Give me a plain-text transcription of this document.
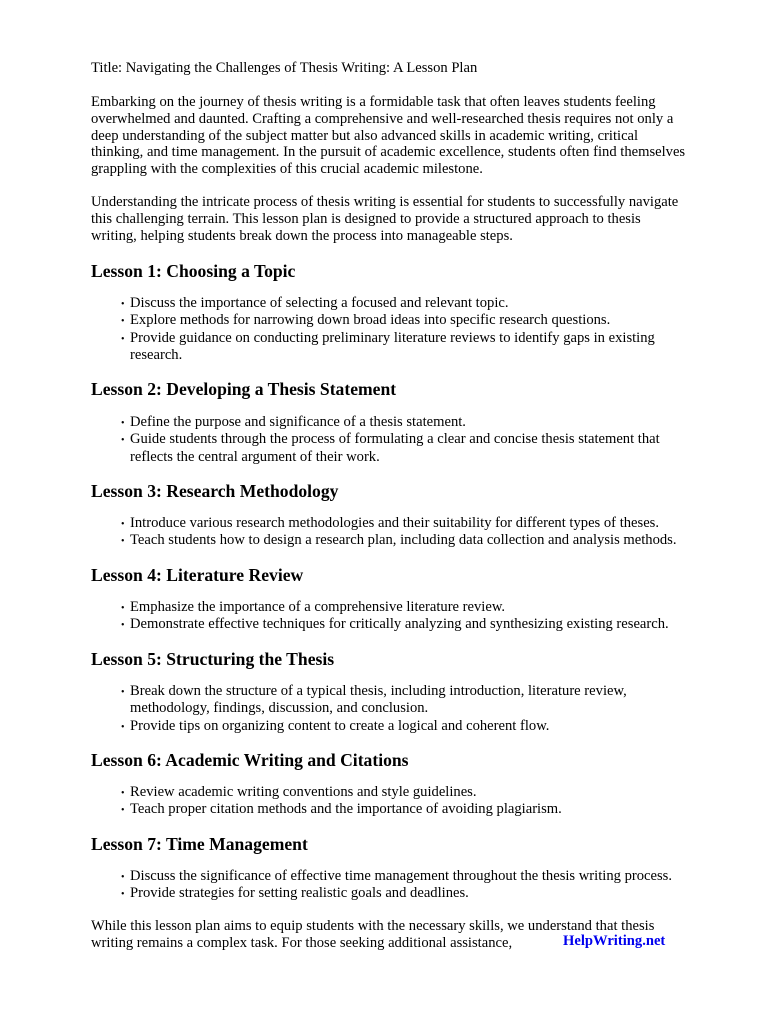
Title: Navigating the Challenges of Thesis Writing: A Lesson Plan
Embarking on the journey of thesis writing is a formidable task that often leaves students feeling
overwhelmed and daunted. Crafting a comprehensive and well-researched thesis requires not only a
deep understanding of the subject matter but also advanced skills in academic writing, critical
thinking, and time management. In the pursuit of academic excellence, students often find themselves
grappling with the complexities of this crucial academic milestone.
Understanding the intricate process of thesis writing is essential for students to successfully navigate
this challenging terrain. This lesson plan is designed to provide a structured approach to thesis
writing, helping students break down the process into manageable steps.
Lesson 1: Choosing a Topic
• Discuss the importance of selecting a focused and relevant topic.
• Explore methods for narrowing down broad ideas into specific research questions.
• Provide guidance on conducting preliminary literature reviews to identify gaps in existing
research.
Lesson 2: Developing a Thesis Statement
• Define the purpose and significance of a thesis statement.
• Guide students through the process of formulating a clear and concise thesis statement that
reflects the central argument of their work.
Lesson 3: Research Methodology
• Introduce various research methodologies and their suitability for different types of theses.
• Teach students how to design a research plan, including data collection and analysis methods.
Lesson 4: Literature Review
• Emphasize the importance of a comprehensive literature review.
• Demonstrate effective techniques for critically analyzing and synthesizing existing research.
Lesson 5: Structuring the Thesis
• Break down the structure of a typical thesis, including introduction, literature review,
methodology, findings, discussion, and conclusion.
• Provide tips on organizing content to create a logical and coherent flow.
Lesson 6: Academic Writing and Citations
• Review academic writing conventions and style guidelines.
• Teach proper citation methods and the importance of avoiding plagiarism.
Lesson 7: Time Management
• Discuss the significance of effective time management throughout the thesis writing process.
• Provide strategies for setting realistic goals and deadlines.
While this lesson plan aims to equip students with the necessary skills, we understand that thesis
writing remains a complex task. For those seeking additional assistance,	HelpWriting.net
